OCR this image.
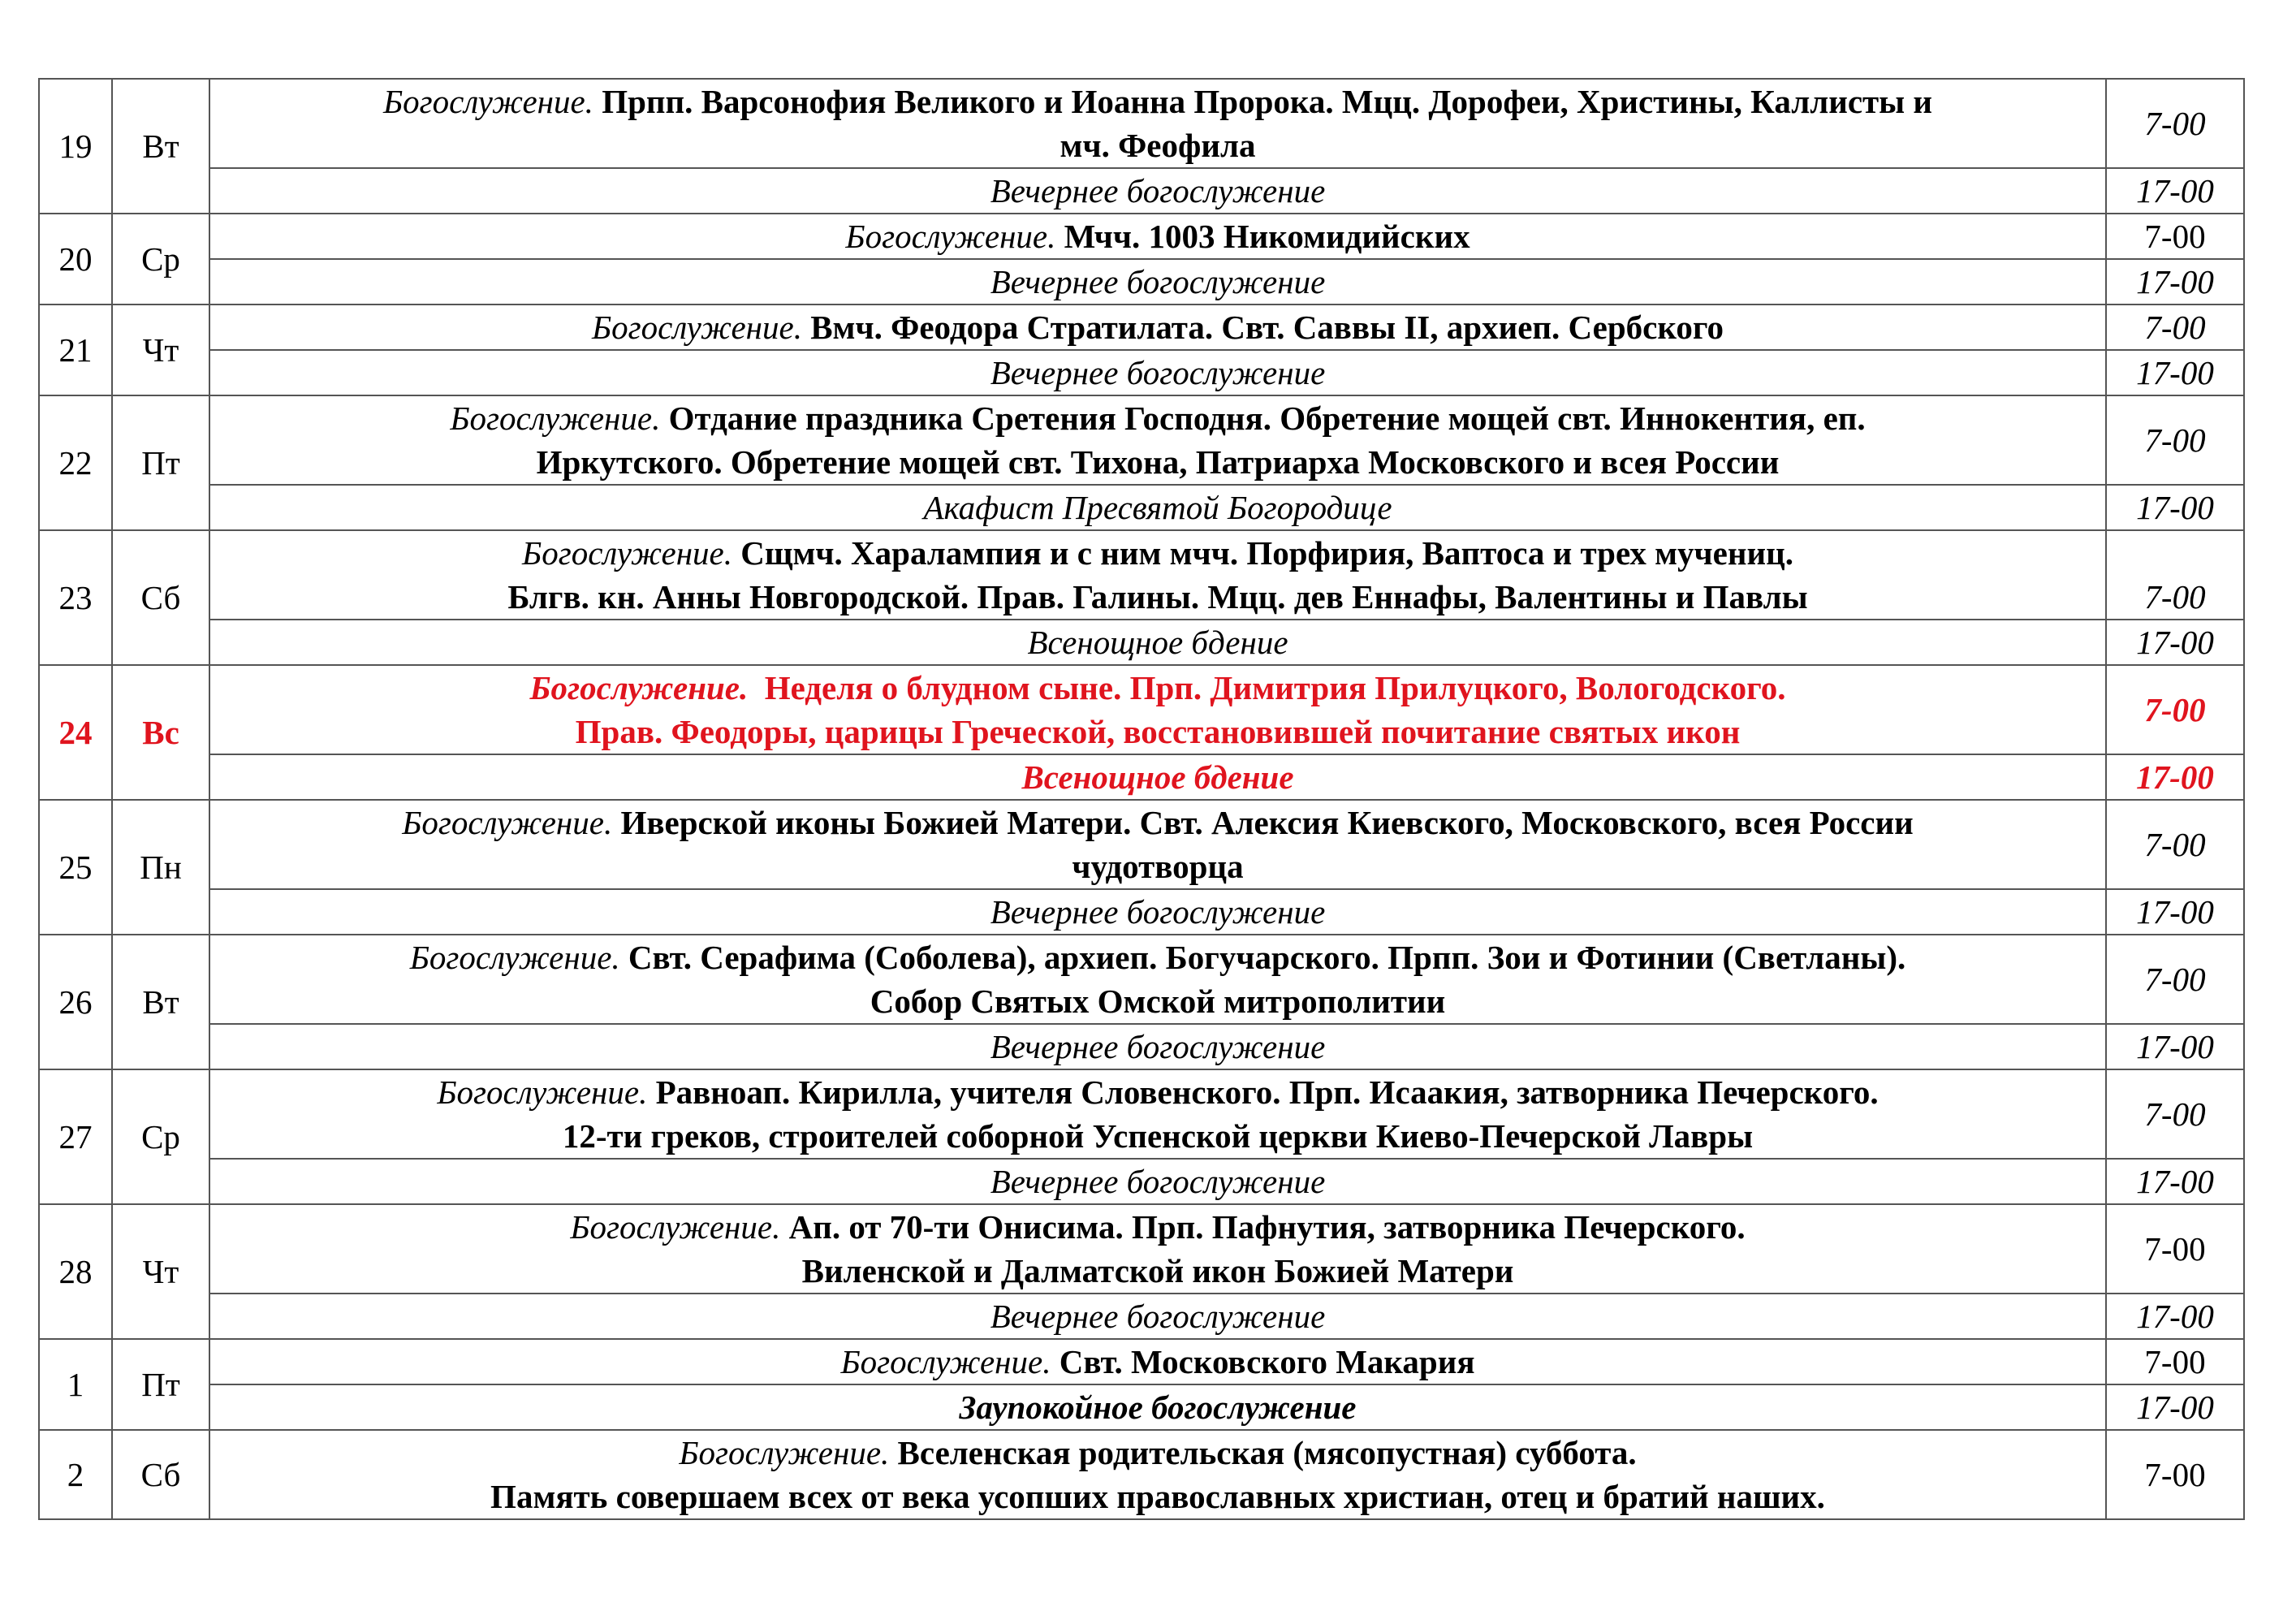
19	Вт	Богослужение. Прпп. Варсонофия Великого и Иоанна Пророка. Мцц. Дорофеи, Христины, Каллисты и
мч. Феофила	7-00
		Вечернее богослужение	17-00
20	Ср	Богослужение. Мчч. 1003 Никомидийских	7-00
		Вечернее богослужение	17-00
21	Чт	Богослужение. Вмч. Феодора Стратилата. Свт. Саввы II, архиеп. Сербского	7-00
		Вечернее богослужение	17-00
22	Пт	Богослужение. Отдание праздника Сретения Господня. Обретение мощей свт. Иннокентия, еп.
Иркутского. Обретение мощей свт. Тихона, Патриарха Московского и всея России	7-00
		Акафист Пресвятой Богородице	17-00
23	Сб	Богослужение. Сщмч. Харалампия и с ним мчч. Порфирия, Вaптоса и трех мучениц.
Блгв. кн. Анны Новгородской. Прав. Галины. Мцц. дев Еннафы, Валентины и Павлы	7-00
		Всенощное бдение	17-00
24	Вс	Богослужение. Неделя о блудном сыне. Прп. Димитрия Прилуцкого, Вологодского.
Прав. Феодоры, царицы Греческой, восстановившей почитание святых икон	7-00
		Всенощное бдение	17-00
25	Пн	Богослужение. Иверской иконы Божией Матери. Свт. Алексия Киевского, Московского, всея России
чудотворца	7-00
		Вечернее богослужение	17-00
26	Вт	Богослужение. Свт. Серафима (Соболева), архиеп. Богучарского. Прпп. Зои и Фотинии (Светланы).
Собор Святых Омской митрополитии	7-00
		Вечернее богослужение	17-00
27	Ср	Богослужение. Равноап. Кирилла, учителя Словенского. Прп. Исаакия, затворника Печерского.
12-ти греков, строителей соборной Успенской церкви Киево-Печерской Лавры	7-00
		Вечернее богослужение	17-00
28	Чт	Богослужение. Ап. от 70-ти Онисима. Прп. Пафнутия, затворника Печерского.
Виленской и Далматской икон Божией Матери	7-00
		Вечернее богослужение	17-00
1	Пт	Богослужение. Свт. Московского Макария	7-00
		Заупокойное богослужение	17-00
2	Сб	Богослужение. Вселенская родительская (мясопустная) суббота.
Память совершаем всех от века усопших православных христиан, отец и братий наших.	7-00
